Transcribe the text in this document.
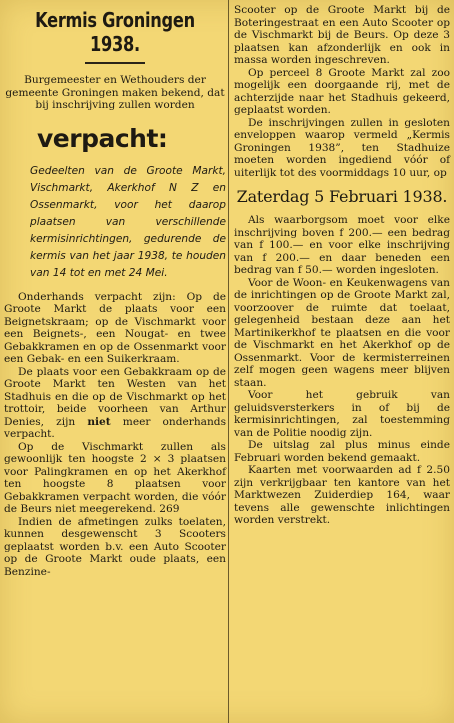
Kermis Groningen 1938.

Burgemeester en Wethouders der gemeente Groningen maken bekend, dat bij inschrijving zullen worden

verpacht:

Gedeelten van de Groote Markt, Vischmarkt, Akerkhof N Z en Ossenmarkt, voor het daarop plaatsen van verschillende kermisinrichtingen, gedurende de kermis van het jaar 1938, te houden van 14 tot en met 24 Mei.

Onderhands verpacht zijn: Op de Groote Markt de plaats voor een Beignetskraam; op de Vischmarkt voor een Beignets-, een Nougat- en twee Gebakkramen en op de Ossenmarkt voor een Gebak- en een Suikerkraam.

De plaats voor een Gebakkraam op de Groote Markt ten Westen van het Stadhuis en die op de Vischmarkt op het trottoir, beide voorheen van Arthur Denies, zijn niet meer onderhands verpacht.

Op de Vischmarkt zullen als gewoonlijk ten hoogste 2 × 3 plaatsen voor Palingkramen en op het Akerkhof ten hoogste 8 plaatsen voor Gebakkramen verpacht worden, die vóór de Beurs niet meegerekend. 269

Indien de afmetingen zulks toelaten, kunnen desgewenscht 3 Scooters geplaatst worden b.v. een Auto Scooter op de Groote Markt oude plaats, een Benzine-

Scooter op de Groote Markt bij de Boteringestraat en een Auto Scooter op de Vischmarkt bij de Beurs. Op deze 3 plaatsen kan afzonderlijk en ook in massa worden ingeschreven.

Op perceel 8 Groote Markt zal zoo mogelijk een doorgaande rij, met de achterzijde naar het Stadhuis gekeerd, geplaatst worden.

De inschrijvingen zullen in gesloten enveloppen waarop vermeld „Kermis Groningen 1938”, ten Stadhuize moeten worden ingediend vóór of uiterlijk tot des voormiddags 10 uur, op

Zaterdag 5 Februari 1938.

Als waarborgsom moet voor elke inschrijving boven f 200.— een bedrag van f 100.— en voor elke inschrijving van f 200.— en daar beneden een bedrag van f 50.— worden ingesloten.

Voor de Woon- en Keukenwagens van de inrichtingen op de Groote Markt zal, voorzoover de ruimte dat toelaat, gelegenheid bestaan deze aan het Martinikerkhof te plaatsen en die voor de Vischmarkt en het Akerkhof op de Ossenmarkt. Voor de kermisterreinen zelf mogen geen wagens meer blijven staan.

Voor het gebruik van geluidsversterkers in of bij de kermisinrichtingen, zal toestemming van de Politie noodig zijn.

De uitslag zal plus minus einde Februari worden bekend gemaakt.

Kaarten met voorwaarden ad f 2.50 zijn verkrijgbaar ten kantore van het Marktwezen Zuiderdiep 164, waar tevens alle gewenschte inlichtingen worden verstrekt.
